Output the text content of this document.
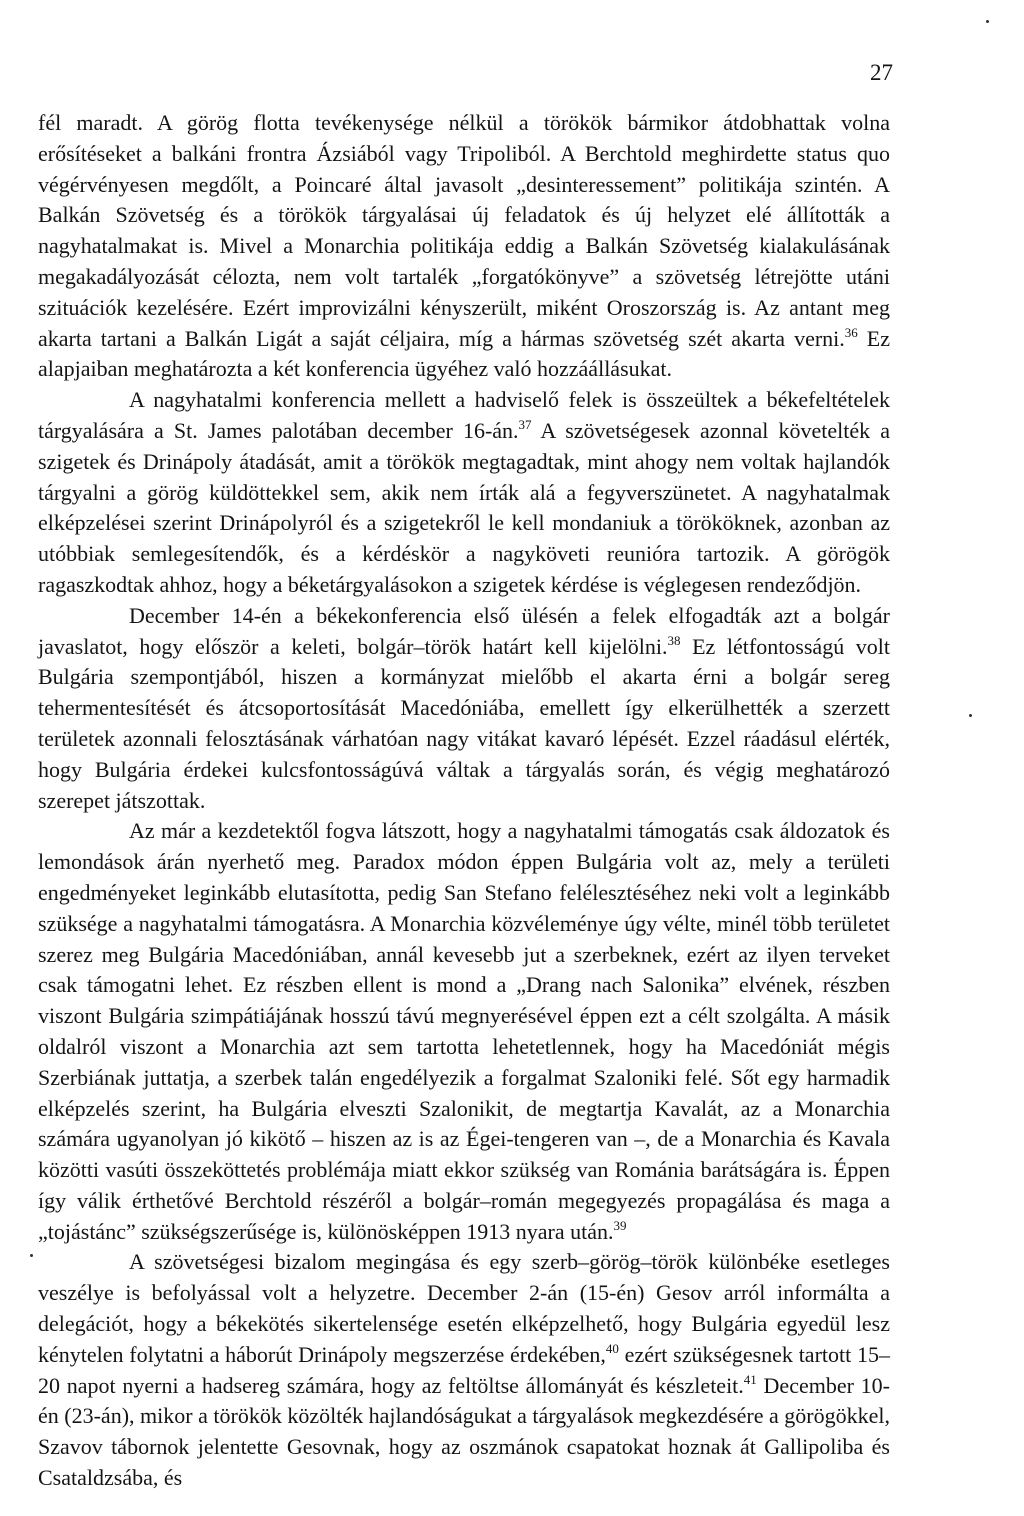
27

fél maradt. A görög flotta tevékenysége nélkül a törökök bármikor átdobhattak volna erősítéseket a balkáni frontra Ázsiából vagy Tripoliból. A Berchtold meghirdette status quo végérvényesen megdőlt, a Poincaré által javasolt „desinteressement” politikája szintén. A Balkán Szövetség és a törökök tárgyalásai új feladatok és új helyzet elé állították a nagyhatalmakat is. Mivel a Monarchia politikája eddig a Balkán Szövetség kialakulásának megakadályozását célozta, nem volt tartalék „forgatókönyve” a szövetség létrejötte utáni szituációk kezelésére. Ezért improvizálni kényszerült, miként Oroszország is. Az antant meg akarta tartani a Balkán Ligát a saját céljaira, míg a hármas szövetség szét akarta verni.$^{36}$ Ez alapjaiban meghatározta a két konferencia ügyéhez való hozzáállásukat.

A nagyhatalmi konferencia mellett a hadviselő felek is összeültek a békefeltételek tárgyalására a St. James palotában december 16-án.$^{37}$ A szövetségesek azonnal követelték a szigetek és Drinápoly átadását, amit a törökök megtagadtak, mint ahogy nem voltak hajlandók tárgyalni a görög küldöttekkel sem, akik nem írták alá a fegyverszünetet. A nagyhatalmak elképzelései szerint Drinápolyról és a szigetekről le kell mondaniuk a törököknek, azonban az utóbbiak semlegesítendők, és a kérdéskör a nagyköveti reunióra tartozik. A görögök ragaszkodtak ahhoz, hogy a béketárgyalásokon a szigetek kérdése is véglegesen rendeződjön.

December 14-én a békekonferencia első ülésén a felek elfogadták azt a bolgár javaslatot, hogy először a keleti, bolgár–török határt kell kijelölni.$^{38}$ Ez létfontosságú volt Bulgária szempontjából, hiszen a kormányzat mielőbb el akarta érni a bolgár sereg tehermentesítését és átcsoportosítását Macedóniába, emellett így elkerülhették a szerzett területek azonnali felosztásának várhatóan nagy vitákat kavaró lépését. Ezzel ráadásul elérték, hogy Bulgária érdekei kulcsfontosságúvá váltak a tárgyalás során, és végig meghatározó szerepet játszottak.

Az már a kezdetektől fogva látszott, hogy a nagyhatalmi támogatás csak áldozatok és lemondások árán nyerhető meg. Paradox módon éppen Bulgária volt az, mely a területi engedményeket leginkább elutasította, pedig San Stefano felélesztéséhez neki volt a leginkább szüksége a nagyhatalmi támogatásra. A Monarchia közvéleménye úgy vélte, minél több területet szerez meg Bulgária Macedóniában, annál kevesebb jut a szerbeknek, ezért az ilyen terveket csak támogatni lehet. Ez részben ellent is mond a „Drang nach Salonika” elvének, részben viszont Bulgária szimpátiájának hosszú távú megnyerésével éppen ezt a célt szolgálta. A másik oldalról viszont a Monarchia azt sem tartotta lehetetlennek, hogy ha Macedóniát mégis Szerbiának juttatja, a szerbek talán engedélyezik a forgalmat Szaloniki felé. Sőt egy harmadik elképzelés szerint, ha Bulgária elveszti Szalonikit, de megtartja Kavalát, az a Monarchia számára ugyanolyan jó kikötő – hiszen az is az Égei-tengeren van –, de a Monarchia és Kavala közötti vasúti összeköttetés problémája miatt ekkor szükség van Románia barátságára is. Éppen így válik érthetővé Berchtold részéről a bolgár–román megegyezés propagálása és maga a „tojástánc” szükségszerűsége is, különösképpen 1913 nyara után.$^{39}$

A szövetségesi bizalom megingása és egy szerb–görög–török különbéke esetleges veszélye is befolyással volt a helyzetre. December 2-án (15-én) Gesov arról informálta a delegációt, hogy a békekötés sikertelensége esetén elképzelhető, hogy Bulgária egyedül lesz kénytelen folytatni a háborút Drinápoly megszerzése érdekében,$^{40}$ ezért szükségesnek tartott 15–20 napot nyerni a hadsereg számára, hogy az feltöltse állományát és készleteit.$^{41}$ December 10-én (23-án), mikor a törökök közölték hajlandóságukat a tárgyalások megkezdésére a görögökkel, Szavov tábornok jelentette Gesovnak, hogy az oszmánok csapatokat hoznak át Gallipoliba és Csataldzsába, és
